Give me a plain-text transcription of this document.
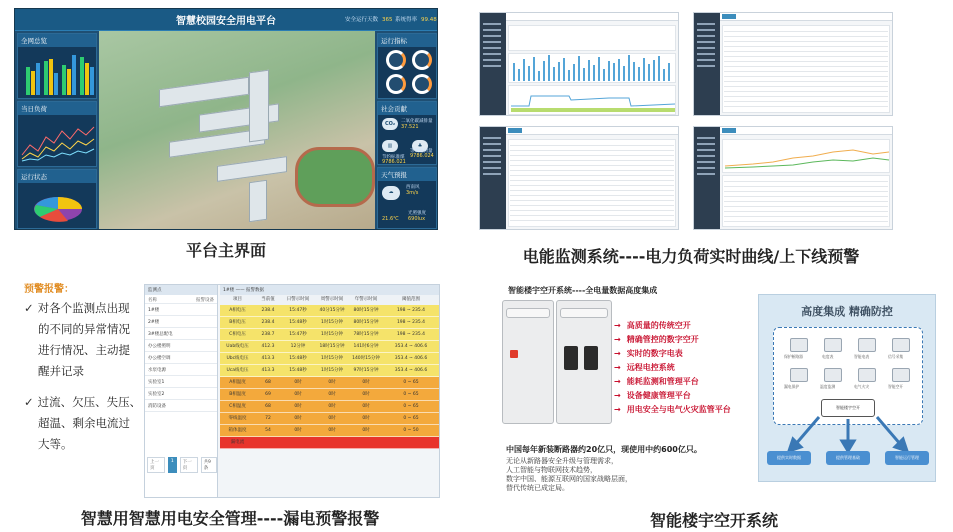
智慧校园安全用电平台	安全运行天数 365 系统得率 99.48
全网总览
当日负荷
运行状态
运行指标
社会贡献
CO₂	二氧化碳减排量
37.521
▥
节约标准煤
9786.021
♣
等效植树量
9786.024
天气预报
☁
西南风
3m/s
21.6℃
光照强度
690lux
平台主界面	电能监测系统----电力负荷实时曲线/上下线预警
预警报警：
✓ 对各个监测点出现
的不同的异常情况
进行情况、主动提
醒并记录
✓ 过流、欠压、失压、
超温、剩余电流过
大等。
监测点
名称	报警设备
1#楼
2#楼
3#楼总配电
办公楼照明
办公楼空调
水泵电源
实验室1
实验室2
消防设备
上一页
1	下一页
共9条
1#楼 —— 报警数据
项目	当前值	日警示时间	周警示时间	年警示时间	阈值范围
A相电压	238.4	15:47秒	40分15分钟	80时15分钟	198 ~ 235.4
B相电压	238.4	15:48秒	1时15分钟	80时15分钟	198 ~ 235.4
C相电压	238.7	15:47秒	1时15分钟	78时15分钟	198 ~ 235.4
Uab线电压	412.3	12分钟	18时15分钟	141时6分钟	353.4 ~ 406.6
Ubc线电压	413.3	15:48秒	1时15分钟	140时15分钟	353.4 ~ 406.6
Uca线电压	413.3	15:48秒	1时15分钟	97时15分钟	353.4 ~ 406.6
A相温度	68	0时	0时	0时	0 ~ 65
B相温度	69	0时	0时	0时	0 ~ 65
C相温度	68	0时	0时	0时	0 ~ 65
零线温度	72	0时	0时	0时	0 ~ 65
箱体温度	54	0时	0时	0时	0 ~ 50
漏电流
智慧用智慧用电安全管理----漏电预警报警
智能楼宇空开系统----全电量数据高度集成
→ 高质量的传统空开
→ 精确管控的数字空开
→ 实时的数字电表
→ 远程电控系统
→ 能耗监测和管理平台
→ 设备健康管理平台
→ 用电安全与电气火灾监管平台
中国每年新装断路器约20亿只，现使用中约600亿只。
无论从新路器安全升级与管理需求，
人工智能与物联网技术趋势，
数字中国、能源互联网的国家战略层面，
替代传统已成定局。
高度集成 精确防控
保护断路器	电度表	智能电表	信号采集
漏电保护	温度监测	电气火灾	智能空开
智能楼宇空开
提供实时数据	提供管理基础	智能运行管理
智能楼宇空开系统
